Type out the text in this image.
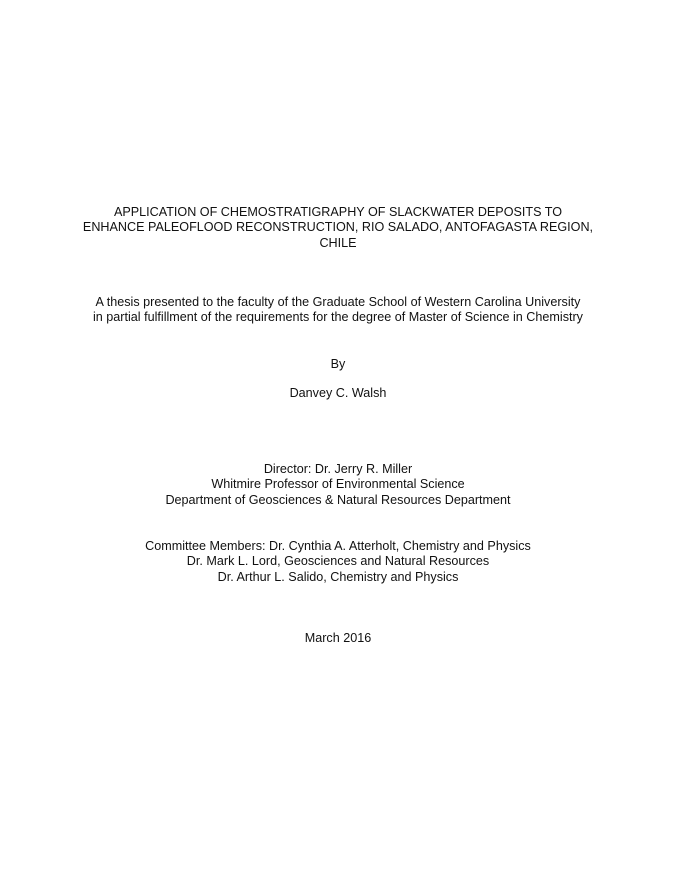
APPLICATION OF CHEMOSTRATIGRAPHY OF SLACKWATER DEPOSITS TO
ENHANCE PALEOFLOOD RECONSTRUCTION, RIO SALADO, ANTOFAGASTA REGION,
CHILE
A thesis presented to the faculty of the Graduate School of Western Carolina University
in partial fulfillment of the requirements for the degree of Master of Science in Chemistry
By
Danvey C. Walsh
Director: Dr. Jerry R. Miller
Whitmire Professor of Environmental Science
Department of Geosciences & Natural Resources Department
Committee Members: Dr. Cynthia A. Atterholt, Chemistry and Physics
Dr. Mark L. Lord, Geosciences and Natural Resources
Dr. Arthur L. Salido, Chemistry and Physics
March 2016
